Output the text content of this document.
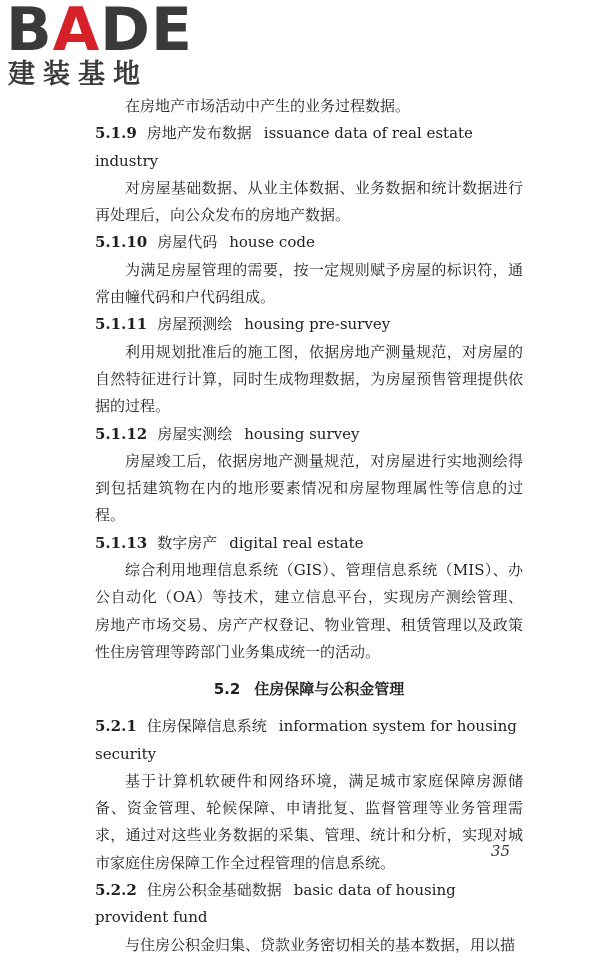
BADE
建装基地

在房地产市场活动中产生的业务过程数据。

5.1.9 房地产发布数据 issuance data of real estate industry

对房屋基础数据、从业主体数据、业务数据和统计数据进行再处理后，向公众发布的房地产数据。

5.1.10 房屋代码 house code

为满足房屋管理的需要，按一定规则赋予房屋的标识符，通常由幢代码和户代码组成。

5.1.11 房屋预测绘 housing pre-survey

利用规划批准后的施工图，依据房地产测量规范，对房屋的自然特征进行计算，同时生成物理数据，为房屋预售管理提供依据的过程。

5.1.12 房屋实测绘 housing survey

房屋竣工后，依据房地产测量规范，对房屋进行实地测绘得到包括建筑物在内的地形要素情况和房屋物理属性等信息的过程。

5.1.13 数字房产 digital real estate

综合利用地理信息系统（GIS）、管理信息系统（MIS）、办公自动化（OA）等技术，建立信息平台，实现房产测绘管理、房地产市场交易、房产产权登记、物业管理、租赁管理以及政策性住房管理等跨部门业务集成统一的活动。

5.2 住房保障与公积金管理

5.2.1 住房保障信息系统 information system for housing security

基于计算机软硬件和网络环境，满足城市家庭保障房源储备、资金管理、轮候保障、申请批复、监督管理等业务管理需求，通过对这些业务数据的采集、管理、统计和分析，实现对城市家庭住房保障工作全过程管理的信息系统。

5.2.2 住房公积金基础数据 basic data of housing provident fund

与住房公积金归集、贷款业务密切相关的基本数据，用以描

35
